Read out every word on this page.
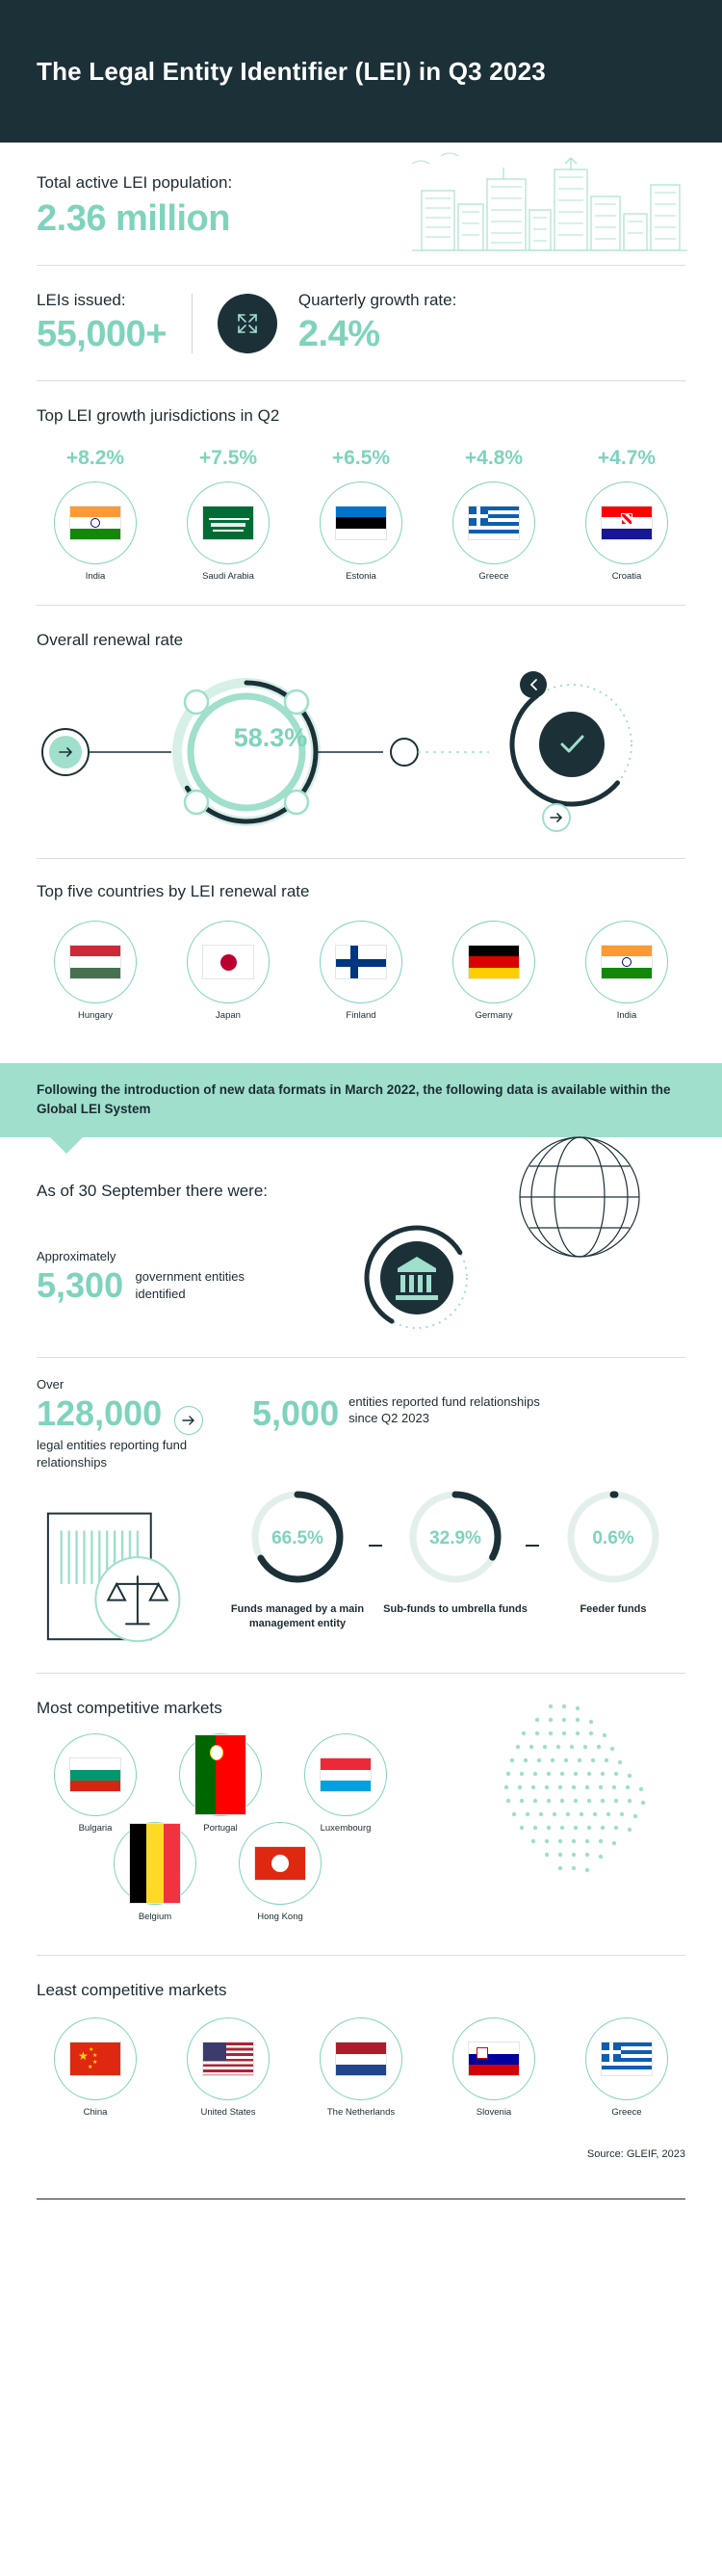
The Legal Entity Identifier (LEI) in Q3 2023
Total active LEI population:
2.36 million
LEIs issued:
55,000+
Quarterly growth rate:
2.4%
Top LEI growth jurisdictions in Q2
+8.2%
India
+7.5%
Saudi Arabia
+6.5%
Estonia
+4.8%
Greece
+4.7%
Croatia
Overall renewal rate
58.3%
Top five countries by LEI renewal rate
Hungary	Japan	Finland	Germany	India

Following the introduction of new data formats in March 2022, the following data is available within the Global LEI System

As of 30 September there were:
Approximately
5,300 government entities identified
Over
128,000
legal entities reporting fund relationships
5,000 entities reported fund relationships since Q2 2023
66.5%
Funds managed by a main management entity
32.9%
Sub-funds to umbrella funds
0.6%
Feeder funds
Most competitive markets
Bulgaria	Portugal	Luxembourg
Belgium	Hong Kong
Least competitive markets
★ ★
★
★
★
China	United States	The Netherlands	Slovenia	Greece
Source: GLEIF, 2023
